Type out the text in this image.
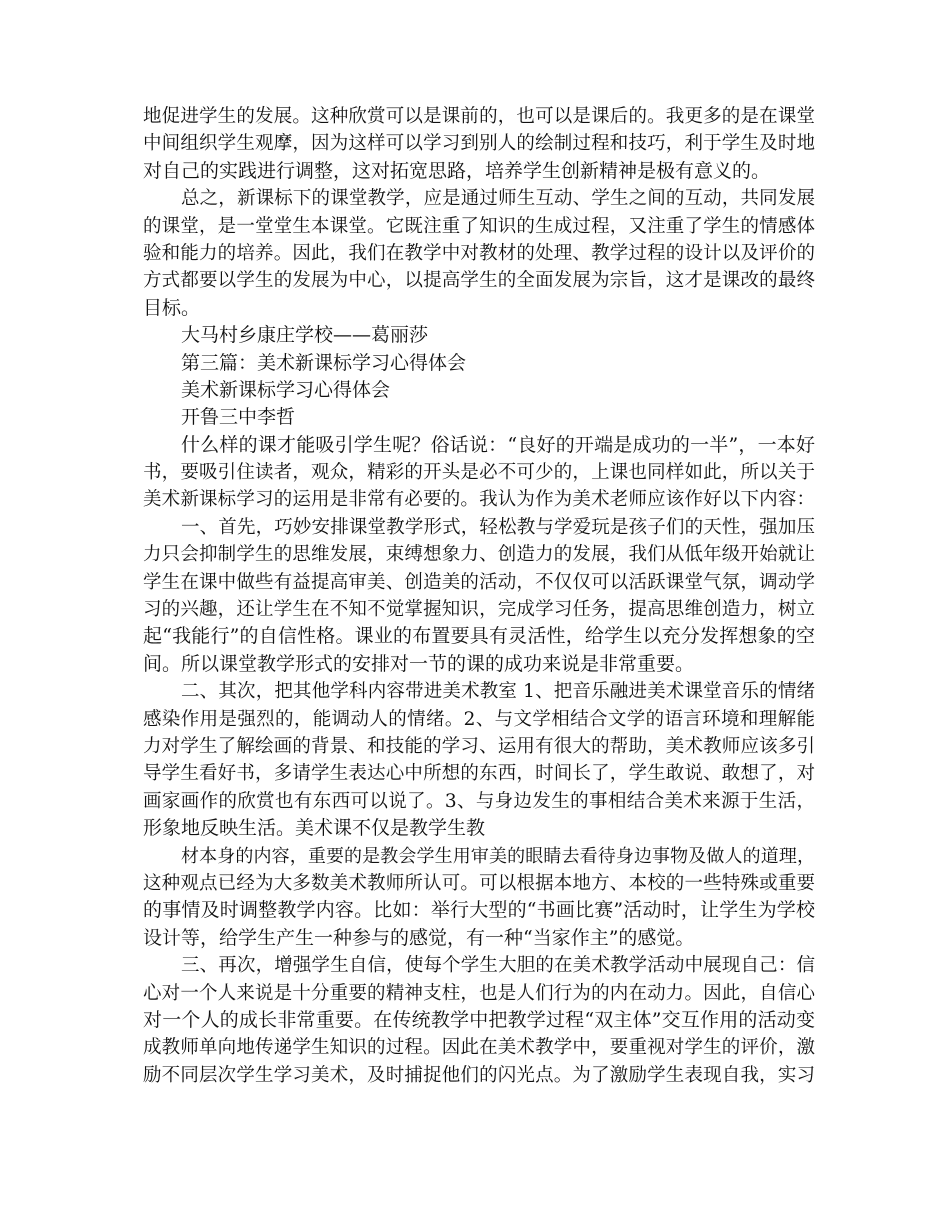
地促进学生的发展。这种欣赏可以是课前的，也可以是课后的。我更多的是在课堂
中间组织学生观摩，因为这样可以学习到别人的绘制过程和技巧，利于学生及时地
对自己的实践进行调整，这对拓宽思路，培养学生创新精神是极有意义的。
总之，新课标下的课堂教学，应是通过师生互动、学生之间的互动，共同发展
的课堂，是一堂堂生本课堂。它既注重了知识的生成过程，又注重了学生的情感体
验和能力的培养。因此，我们在教学中对教材的处理、教学过程的设计以及评价的
方式都要以学生的发展为中心，以提高学生的全面发展为宗旨，这才是课改的最终
目标。
大马村乡康庄学校——葛丽莎
第三篇：美术新课标学习心得体会
美术新课标学习心得体会
开鲁三中李哲
什么样的课才能吸引学生呢？俗话说：“良好的开端是成功的一半”，一本好
书，要吸引住读者，观众，精彩的开头是必不可少的，上课也同样如此，所以关于
美术新课标学习的运用是非常有必要的。我认为作为美术老师应该作好以下内容：
一、首先，巧妙安排课堂教学形式，轻松教与学爱玩是孩子们的天性，强加压
力只会抑制学生的思维发展，束缚想象力、创造力的发展，我们从低年级开始就让
学生在课中做些有益提高审美、创造美的活动，不仅仅可以活跃课堂气氛，调动学
习的兴趣，还让学生在不知不觉掌握知识，完成学习任务，提高思维创造力，树立
起“我能行”的自信性格。课业的布置要具有灵活性，给学生以充分发挥想象的空
间。所以课堂教学形式的安排对一节的课的成功来说是非常重要。
二、其次，把其他学科内容带进美术教室 1、把音乐融进美术课堂音乐的情绪
感染作用是强烈的，能调动人的情绪。2、与文学相结合文学的语言环境和理解能
力对学生了解绘画的背景、和技能的学习、运用有很大的帮助，美术教师应该多引
导学生看好书，多请学生表达心中所想的东西，时间长了，学生敢说、敢想了，对
画家画作的欣赏也有东西可以说了。3、与身边发生的事相结合美术来源于生活，
形象地反映生活。美术课不仅是教学生教
材本身的内容，重要的是教会学生用审美的眼睛去看待身边事物及做人的道理，
这种观点已经为大多数美术教师所认可。可以根据本地方、本校的一些特殊或重要
的事情及时调整教学内容。比如：举行大型的“书画比赛”活动时，让学生为学校
设计等，给学生产生一种参与的感觉，有一种“当家作主”的感觉。
三、再次，增强学生自信，使每个学生大胆的在美术教学活动中展现自己：信
心对一个人来说是十分重要的精神支柱，也是人们行为的内在动力。因此，自信心
对一个人的成长非常重要。在传统教学中把教学过程“双主体”交互作用的活动变
成教师单向地传递学生知识的过程。因此在美术教学中，要重视对学生的评价，激
励不同层次学生学习美术，及时捕捉他们的闪光点。为了激励学生表现自我，实习
